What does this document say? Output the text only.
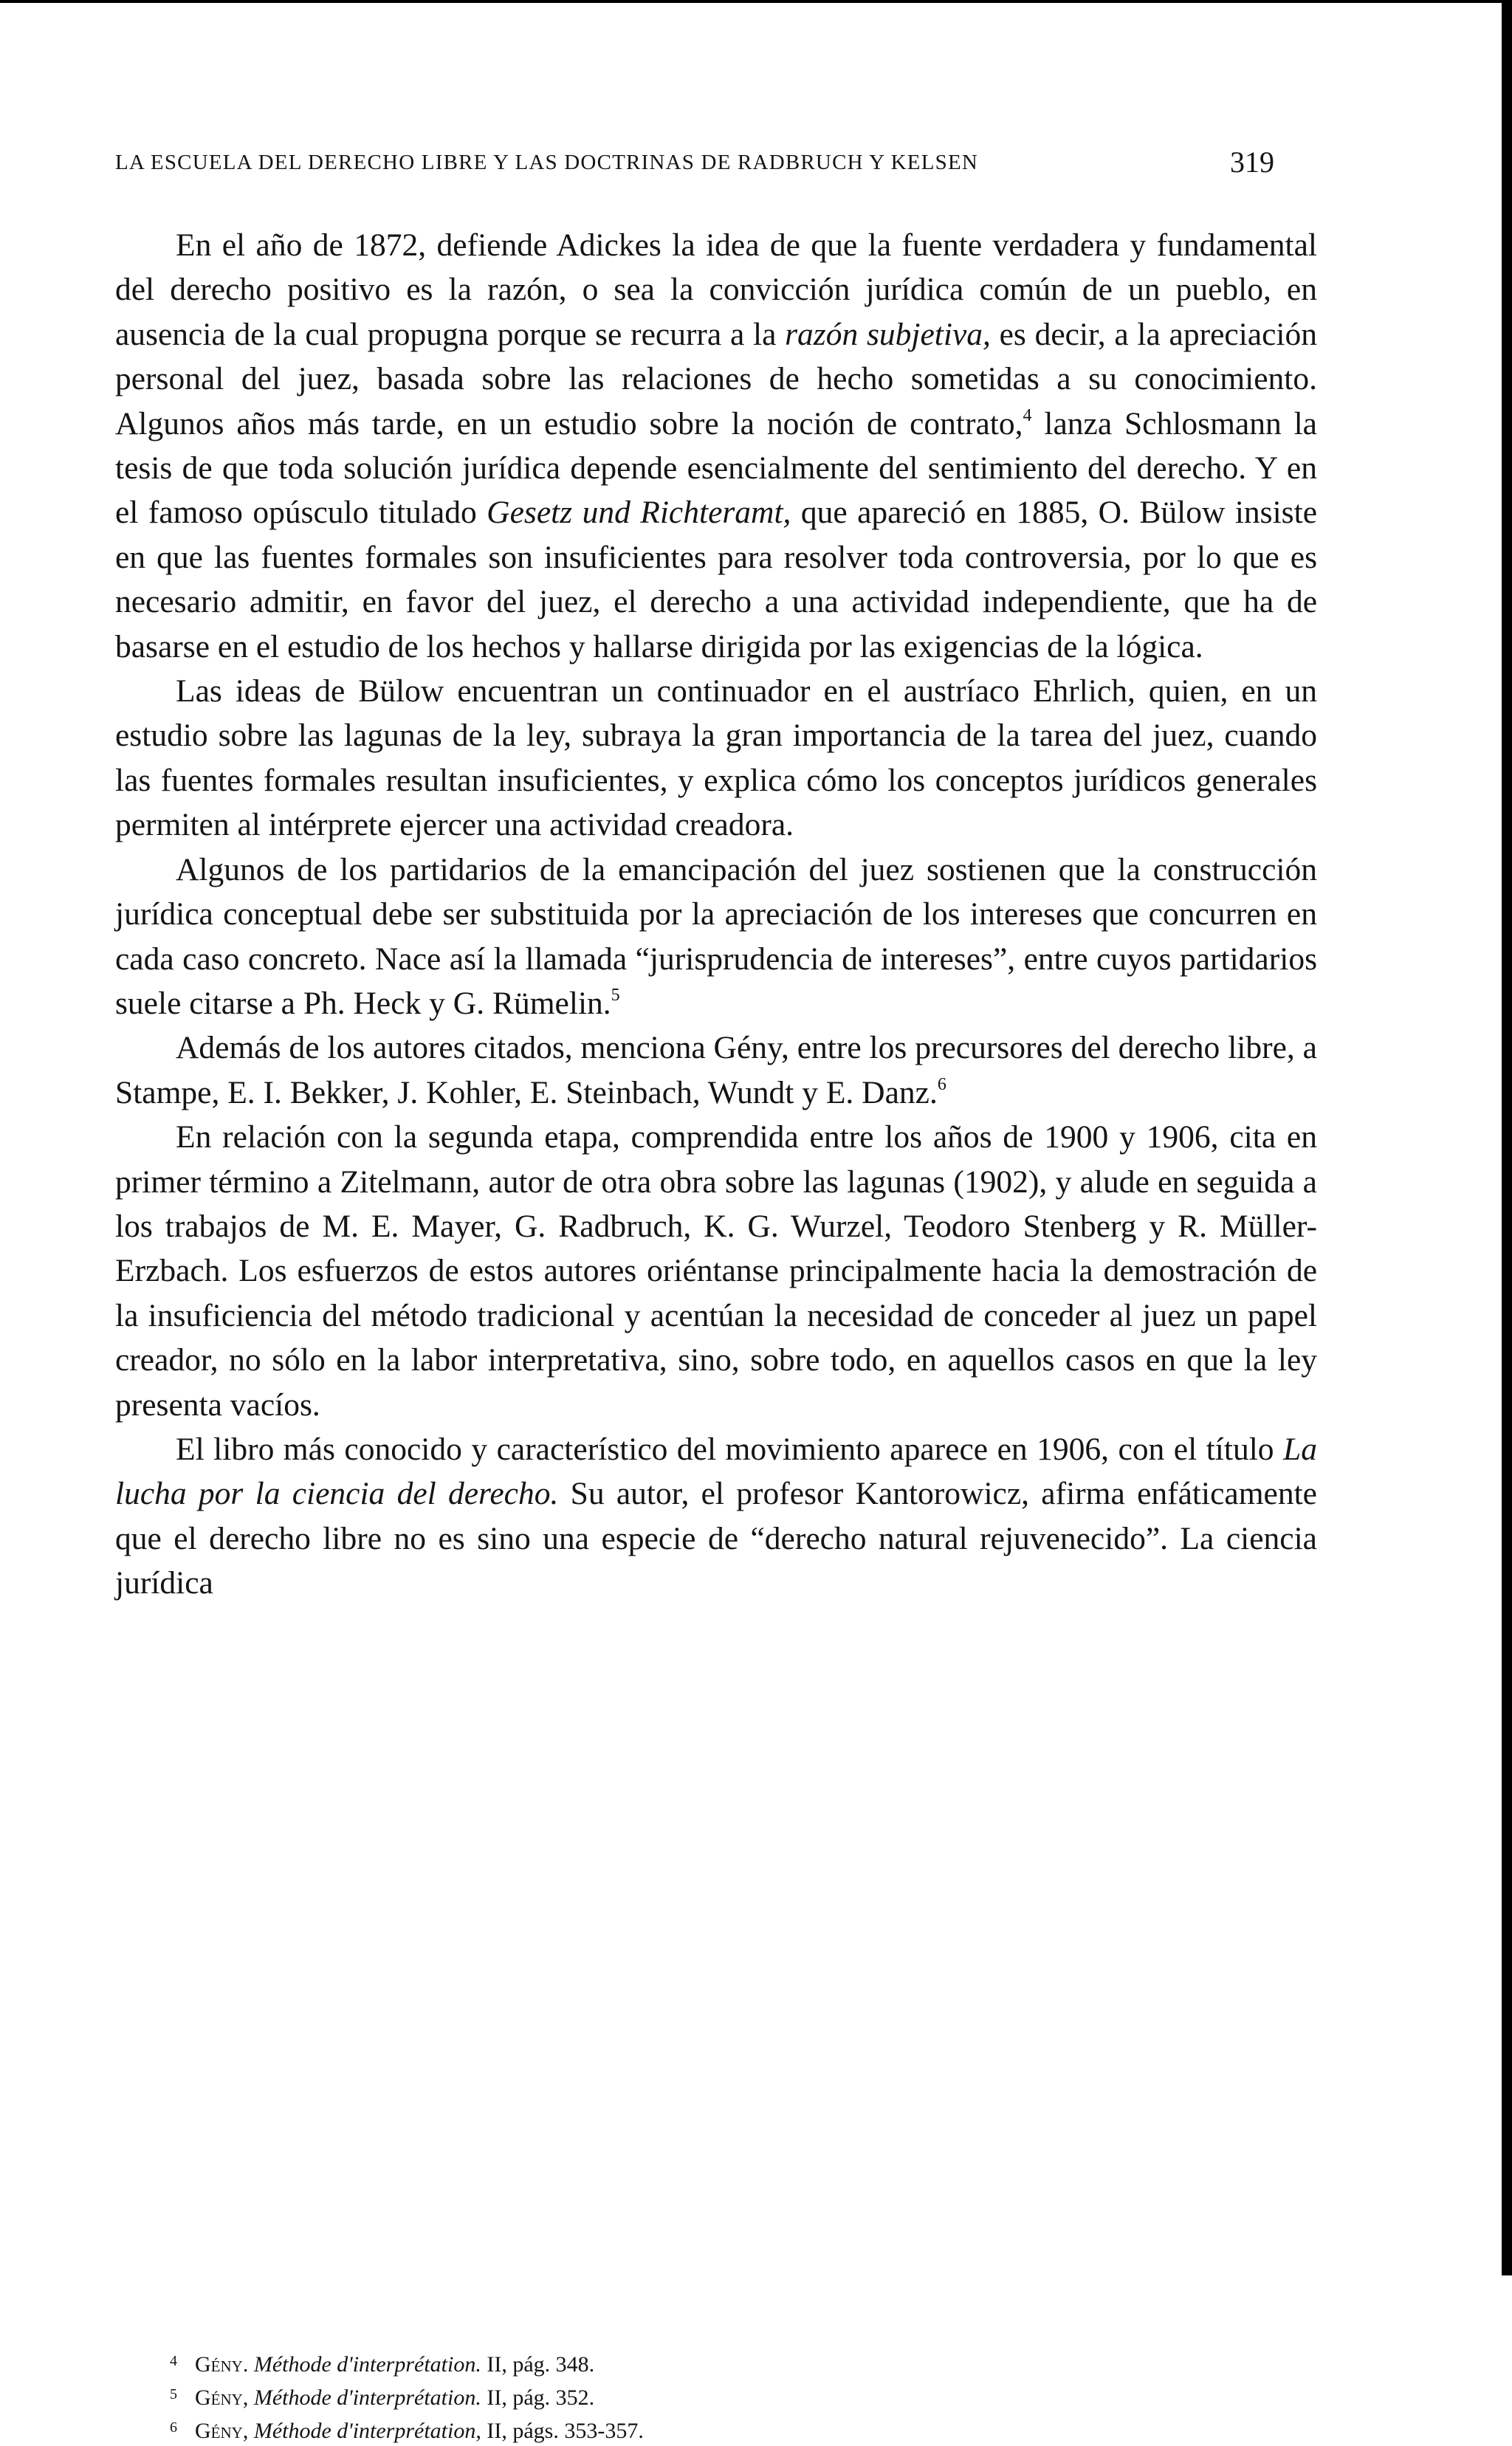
LA ESCUELA DEL DERECHO LIBRE Y LAS DOCTRINAS DE RADBRUCH Y KELSEN	319

En el año de 1872, defiende Adickes la idea de que la fuente verdadera y fundamental del derecho positivo es la razón, o sea la convicción jurídica común de un pueblo, en ausencia de la cual propugna porque se recurra a la razón subjetiva, es decir, a la apreciación personal del juez, basada sobre las relaciones de hecho sometidas a su conocimiento. Algunos años más tarde, en un estudio sobre la noción de contrato,$^4$ lanza Schlosmann la tesis de que toda solución jurídica depende esencialmente del sentimiento del derecho. Y en el famoso opúsculo titulado Gesetz und Richteramt, que apareció en 1885, O. Bülow insiste en que las fuentes formales son insuficientes para resolver toda controversia, por lo que es necesario admitir, en favor del juez, el derecho a una actividad independiente, que ha de basarse en el estudio de los hechos y hallarse dirigida por las exigencias de la lógica.

Las ideas de Bülow encuentran un continuador en el austríaco Ehrlich, quien, en un estudio sobre las lagunas de la ley, subraya la gran importancia de la tarea del juez, cuando las fuentes formales resultan insuficientes, y explica cómo los conceptos jurídicos generales permiten al intérprete ejercer una actividad creadora.

Algunos de los partidarios de la emancipación del juez sostienen que la construcción jurídica conceptual debe ser substituida por la apreciación de los intereses que concurren en cada caso concreto. Nace así la llamada “jurisprudencia de intereses”, entre cuyos partidarios suele citarse a Ph. Heck y G. Rümelin.$^5$

Además de los autores citados, menciona Gény, entre los precursores del derecho libre, a Stampe, E. I. Bekker, J. Kohler, E. Steinbach, Wundt y E. Danz.$^6$

En relación con la segunda etapa, comprendida entre los años de 1900 y 1906, cita en primer término a Zitelmann, autor de otra obra sobre las lagunas (1902), y alude en seguida a los trabajos de M. E. Mayer, G. Radbruch, K. G. Wurzel, Teodoro Stenberg y R. Müller-Erzbach. Los esfuerzos de estos autores oriéntanse principalmente hacia la demostración de la insuficiencia del método tradicional y acentúan la necesidad de conceder al juez un papel creador, no sólo en la labor interpretativa, sino, sobre todo, en aquellos casos en que la ley presenta vacíos.

El libro más conocido y característico del movimiento aparece en 1906, con el título La lucha por la ciencia del derecho. Su autor, el profesor Kantorowicz, afirma enfáticamente que el derecho libre no es sino una especie de “derecho natural rejuvenecido”. La ciencia jurídica

4 Gény. Méthode d'interprétation. II, pág. 348.
5 Gény, Méthode d'interprétation. II, pág. 352.
6 Gény, Méthode d'interprétation, II, págs. 353-357.
